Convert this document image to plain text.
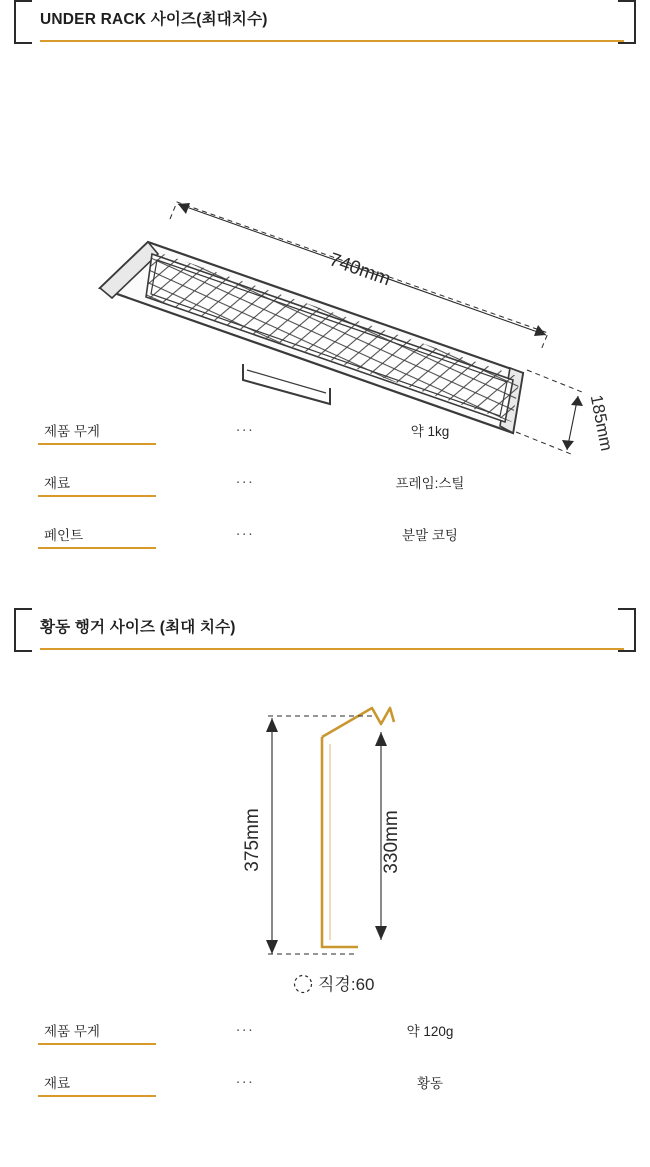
UNDER RACK 사이즈(최대치수)
740mm
185mm
제품 무게	...	약 1kg
재료	...	프레임:스틸
페인트	...	분말 코팅
황동 행거 사이즈 (최대 치수)
375mm	330mm
직경:60
제품 무게	...	약 120g
재료	...	황동
